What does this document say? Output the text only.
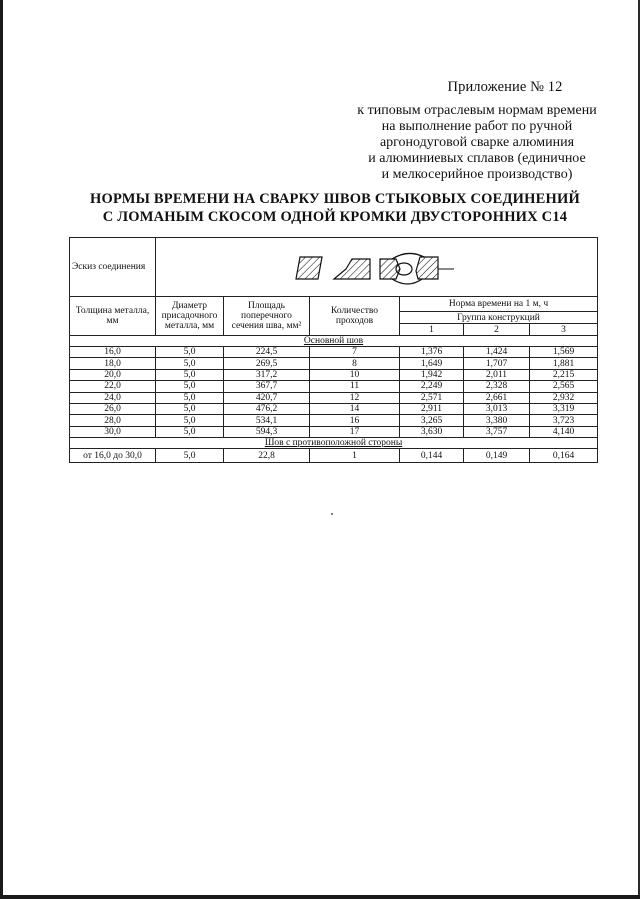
Приложение № 12
к типовым отраслевым нормам времени
на выполнение работ по ручной
аргонодуговой сварке алюминия
и алюминиевых сплавов (единичное
и мелкосерийное производство)
НОРМЫ ВРЕМЕНИ НА СВАРКУ ШВОВ СТЫКОВЫХ СОЕДИНЕНИЙ
С ЛОМАНЫМ СКОСОМ ОДНОЙ КРОМКИ ДВУСТОРОННИХ С14
Эскиз соединения	

Толщина металла, мм	Диаметр присадочного металла, мм	Площадь поперечного сечения шва, мм²	Количество проходов	Норма времени на 1 м, ч		
				Группа конструкций		
				1	2	3
Основной шов						
16,0	5,0	224,5	7	1,376	1,424	1,569
18,0	5,0	269,5	8	1,649	1,707	1,881
20,0	5,0	317,2	10	1,942	2,011	2,215
22,0	5,0	367,7	11	2,249	2,328	2,565
24,0	5,0	420,7	12	2,571	2,661	2,932
26,0	5,0	476,2	14	2,911	3,013	3,319
28,0	5,0	534,1	16	3,265	3,380	3,723
30,0	5,0	594,3	17	3,630	3,757	4,140
Шов с противоположной стороны						
от 16,0 до 30,0	5,0	22,8	1	0,144	0,149	0,164
